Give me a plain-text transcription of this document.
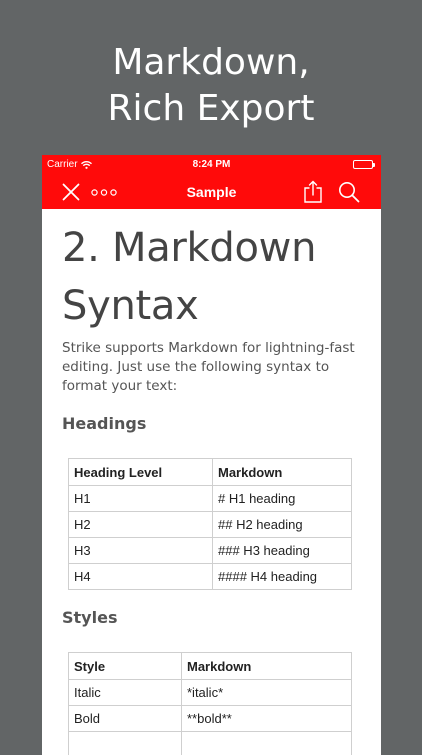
Markdown,
Rich Export
Carrier	8:24 PM
Sample
2. Markdown Syntax

Strike supports Markdown for lightning-fast editing. Just use the following syntax to format your text:

Headings
Heading Level	Markdown
H1	# H1 heading
H2	## H2 heading
H3	### H3 heading
H4	#### H4 heading
Styles
Style	Markdown
Italic	*italic*
Bold	**bold**
